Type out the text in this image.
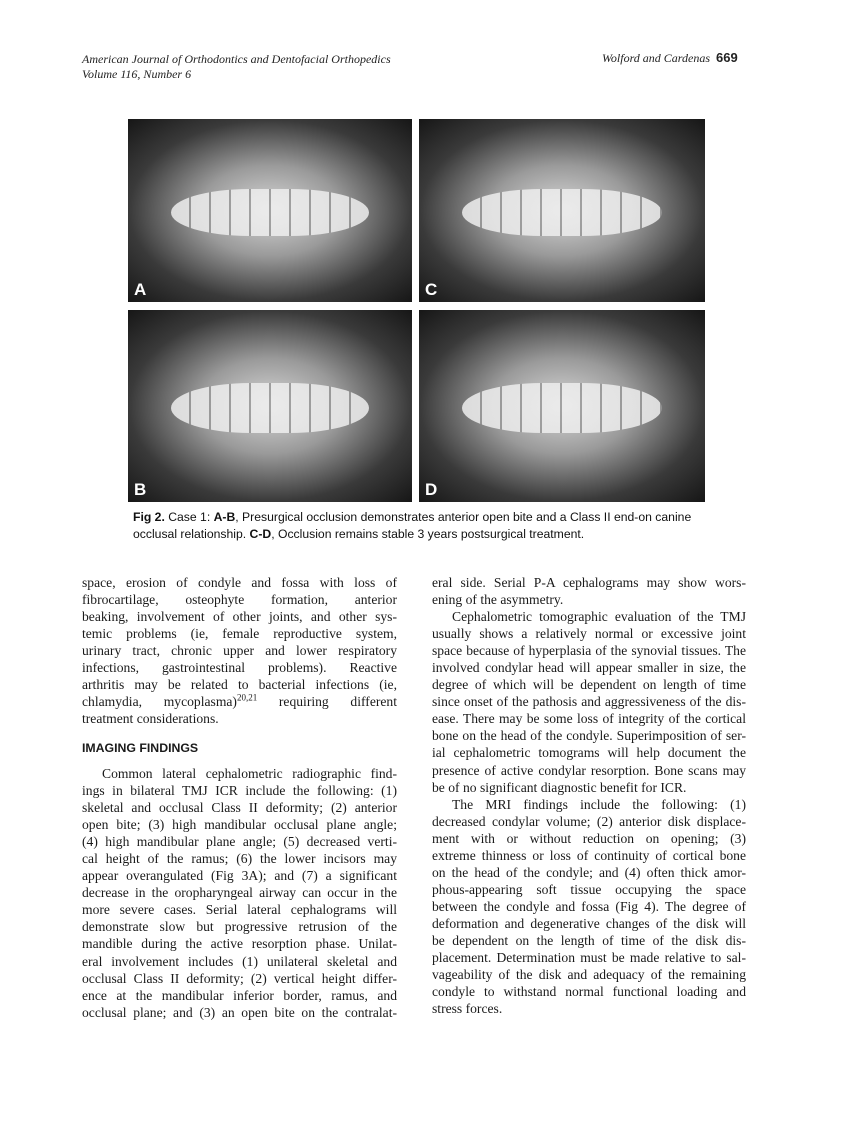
American Journal of Orthodontics and Dentofacial Orthopedics
Volume 116, Number 6
Wolford and Cardenas 669
A	C
B	D
Fig 2. Case 1: A-B, Presurgical occlusion demonstrates anterior open bite and a Class II end-on canine occlusal relationship. C-D, Occlusion remains stable 3 years postsurgical treatment.
space, erosion of condyle and fossa with loss of
fibrocartilage, osteophyte formation, anterior
beaking, involvement of other joints, and other sys-
temic problems (ie, female reproductive system,
urinary tract, chronic upper and lower respiratory
infections, gastrointestinal problems). Reactive
arthritis may be related to bacterial infections (ie,
chlamydia, mycoplasma)$^{20,21}$ requiring different
treatment considerations.
IMAGING FINDINGS
Common lateral cephalometric radiographic find-
ings in bilateral TMJ ICR include the following: (1)
skeletal and occlusal Class II deformity; (2) anterior
open bite; (3) high mandibular occlusal plane angle;
(4) high mandibular plane angle; (5) decreased verti-
cal height of the ramus; (6) the lower incisors may
appear overangulated (Fig 3A); and (7) a significant
decrease in the oropharyngeal airway can occur in the
more severe cases. Serial lateral cephalograms will
demonstrate slow but progressive retrusion of the
mandible during the active resorption phase. Unilat-
eral involvement includes (1) unilateral skeletal and
occlusal Class II deformity; (2) vertical height differ-
ence at the mandibular inferior border, ramus, and
occlusal plane; and (3) an open bite on the contralat-
eral side. Serial P-A cephalograms may show wors-
ening of the asymmetry.
Cephalometric tomographic evaluation of the TMJ
usually shows a relatively normal or excessive joint
space because of hyperplasia of the synovial tissues. The
involved condylar head will appear smaller in size, the
degree of which will be dependent on length of time
since onset of the pathosis and aggressiveness of the dis-
ease. There may be some loss of integrity of the cortical
bone on the head of the condyle. Superimposition of ser-
ial cephalometric tomograms will help document the
presence of active condylar resorption. Bone scans may
be of no significant diagnostic benefit for ICR.
The MRI findings include the following: (1)
decreased condylar volume; (2) anterior disk displace-
ment with or without reduction on opening; (3)
extreme thinness or loss of continuity of cortical bone
on the head of the condyle; and (4) often thick amor-
phous-appearing soft tissue occupying the space
between the condyle and fossa (Fig 4). The degree of
deformation and degenerative changes of the disk will
be dependent on the length of time of the disk dis-
placement. Determination must be made relative to sal-
vageability of the disk and adequacy of the remaining
condyle to withstand normal functional loading and
stress forces.
